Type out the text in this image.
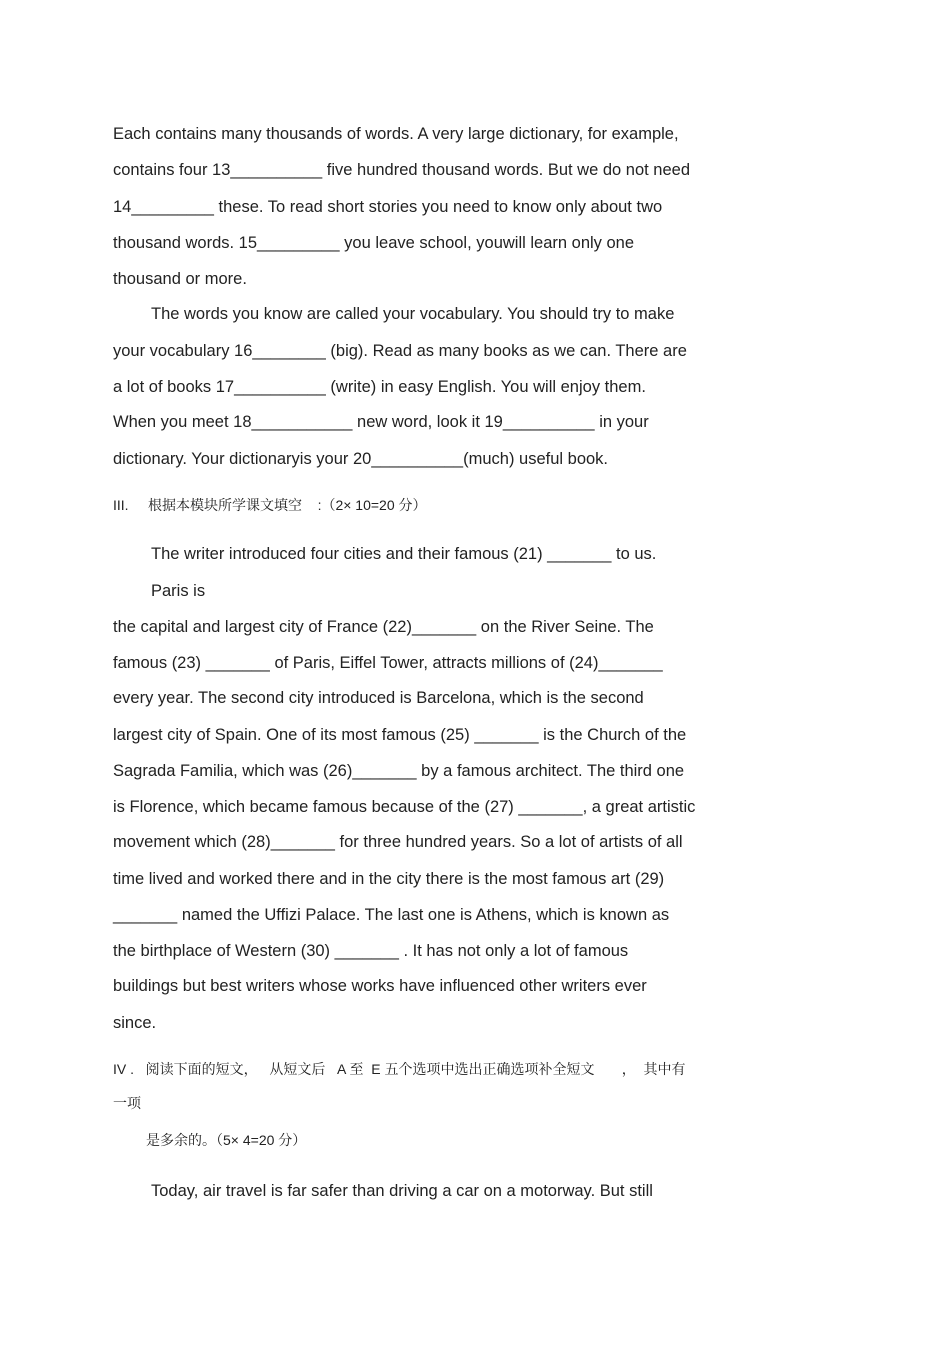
Each contains many thousands of words. A very large dictionary, for example,

contains four 13__________ five hundred thousand words. But we do not need

14_________ these. To read short stories you need to know only about two

thousand words. 15_________ you leave school, youwill learn only one

thousand or more.

The words you know are called your vocabulary. You should try to make

your vocabulary 16________ (big). Read as many books as we can. There are

a lot of books 17__________ (write) in easy English. You will enjoy them.

When you meet 18___________ new word, look it 19__________ in your

dictionary. Your dictionaryis your 20__________(much) useful book.

III.     根据本模块所学课文填空    :（2× 10=20 分）

The writer introduced four cities and their famous (21) _______ to us.

Paris is

the capital and largest city of France (22)_______ on the River Seine. The

famous (23) _______ of Paris, Eiffel Tower, attracts millions of (24)_______

every year. The second city introduced is Barcelona, which is the second

largest city of Spain. One of its most famous (25) _______ is the Church of the

Sagrada Familia, which was (26)_______ by a famous architect. The third one

is Florence, which became famous because of the (27) _______, a great artistic

movement which (28)_______ for three hundred years. So a lot of artists of all

time lived and worked there and in the city there is the most famous art (29)

_______ named the Uffizi Palace. The last one is Athens, which is known as

the birthplace of Western (30) _______ . It has not only a lot of famous

buildings but best writers whose works have influenced other writers ever

since.

IV .   阅读下面的短文，   从短文后   A 至  E 五个选项中选出正确选项补全短文       ，  其中有

一项

是多余的。（5× 4=20 分）

Today, air travel is far safer than driving a car on a motorway. But still
